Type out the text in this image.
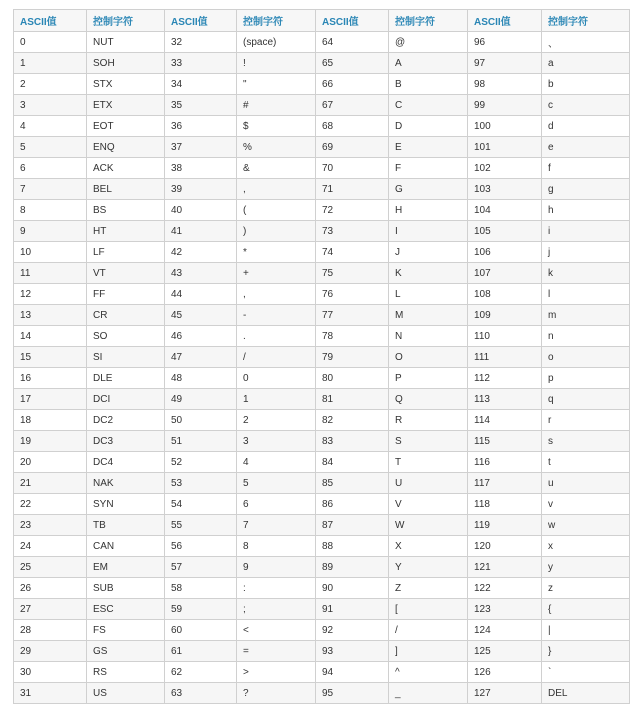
ASCII值	控制字符	ASCII值	控制字符	ASCII值	控制字符	ASCII值	控制字符
0	NUT	32	(space)	64	@	96	、
1	SOH	33	!	65	A	97	a
2	STX	34	"	66	B	98	b
3	ETX	35	#	67	C	99	c
4	EOT	36	$	68	D	100	d
5	ENQ	37	%	69	E	101	e
6	ACK	38	&	70	F	102	f
7	BEL	39	,	71	G	103	g
8	BS	40	(	72	H	104	h
9	HT	41	)	73	I	105	i
10	LF	42	*	74	J	106	j
11	VT	43	+	75	K	107	k
12	FF	44	,	76	L	108	l
13	CR	45	-	77	M	109	m
14	SO	46	.	78	N	110	n
15	SI	47	/	79	O	111	o
16	DLE	48	0	80	P	112	p
17	DCI	49	1	81	Q	113	q
18	DC2	50	2	82	R	114	r
19	DC3	51	3	83	S	115	s
20	DC4	52	4	84	T	116	t
21	NAK	53	5	85	U	117	u
22	SYN	54	6	86	V	118	v
23	TB	55	7	87	W	119	w
24	CAN	56	8	88	X	120	x
25	EM	57	9	89	Y	121	y
26	SUB	58	:	90	Z	122	z
27	ESC	59	;	91	[	123	{
28	FS	60	<	92	/	124	|
29	GS	61	=	93	]	125	}
30	RS	62	>	94	^	126	`
31	US	63	?	95	_	127	DEL
